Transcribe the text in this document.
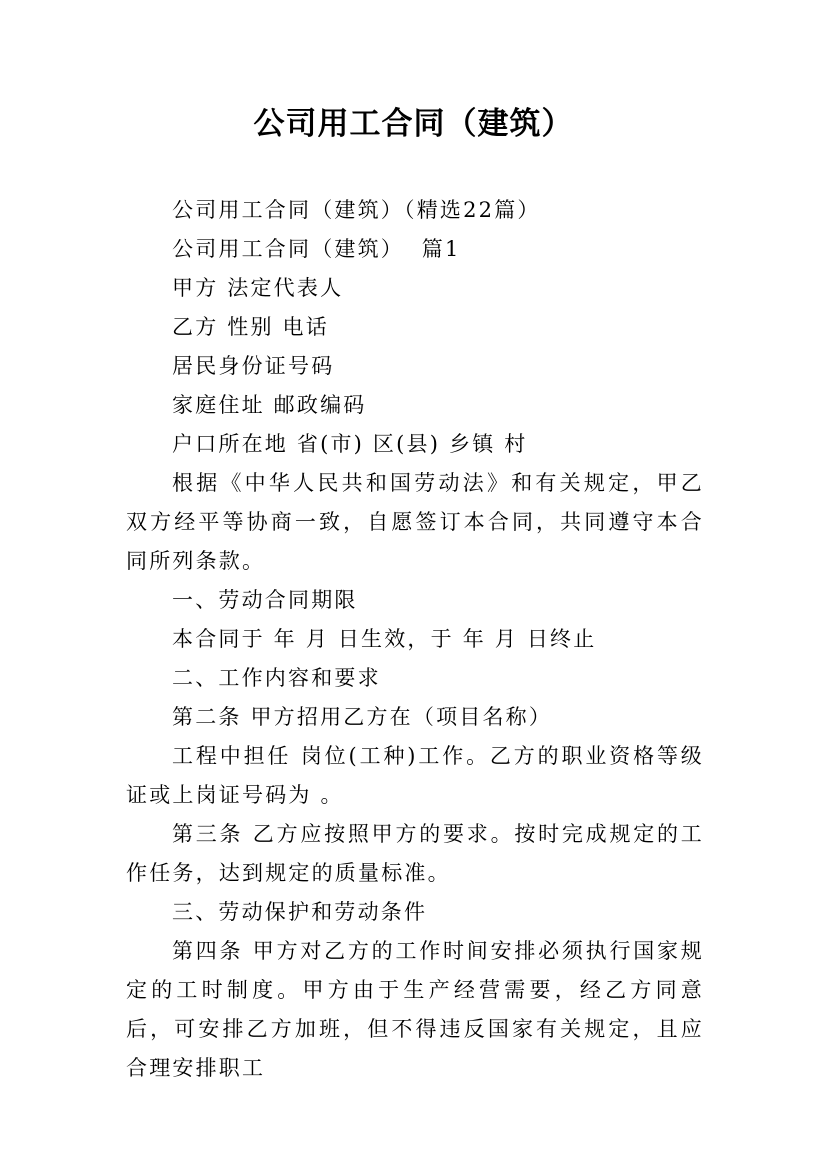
公司用工合同（建筑）

公司用工合同（建筑）（精选22篇）

公司用工合同（建筑）  篇1

甲方 法定代表人

乙方 性别 电话

居民身份证号码

家庭住址 邮政编码

户口所在地 省(市) 区(县) 乡镇 村

根据《中华人民共和国劳动法》和有关规定，甲乙双方经平等协商一致，自愿签订本合同，共同遵守本合同所列条款。

一、劳动合同期限

本合同于 年 月 日生效，于 年 月 日终止

二、工作内容和要求

第二条 甲方招用乙方在（项目名称）

工程中担任 岗位(工种)工作。乙方的职业资格等级证或上岗证号码为 。

第三条 乙方应按照甲方的要求。按时完成规定的工作任务，达到规定的质量标准。

三、劳动保护和劳动条件

第四条 甲方对乙方的工作时间安排必须执行国家规定的工时制度。甲方由于生产经营需要，经乙方同意后，可安排乙方加班，但不得违反国家有关规定，且应合理安排职工
